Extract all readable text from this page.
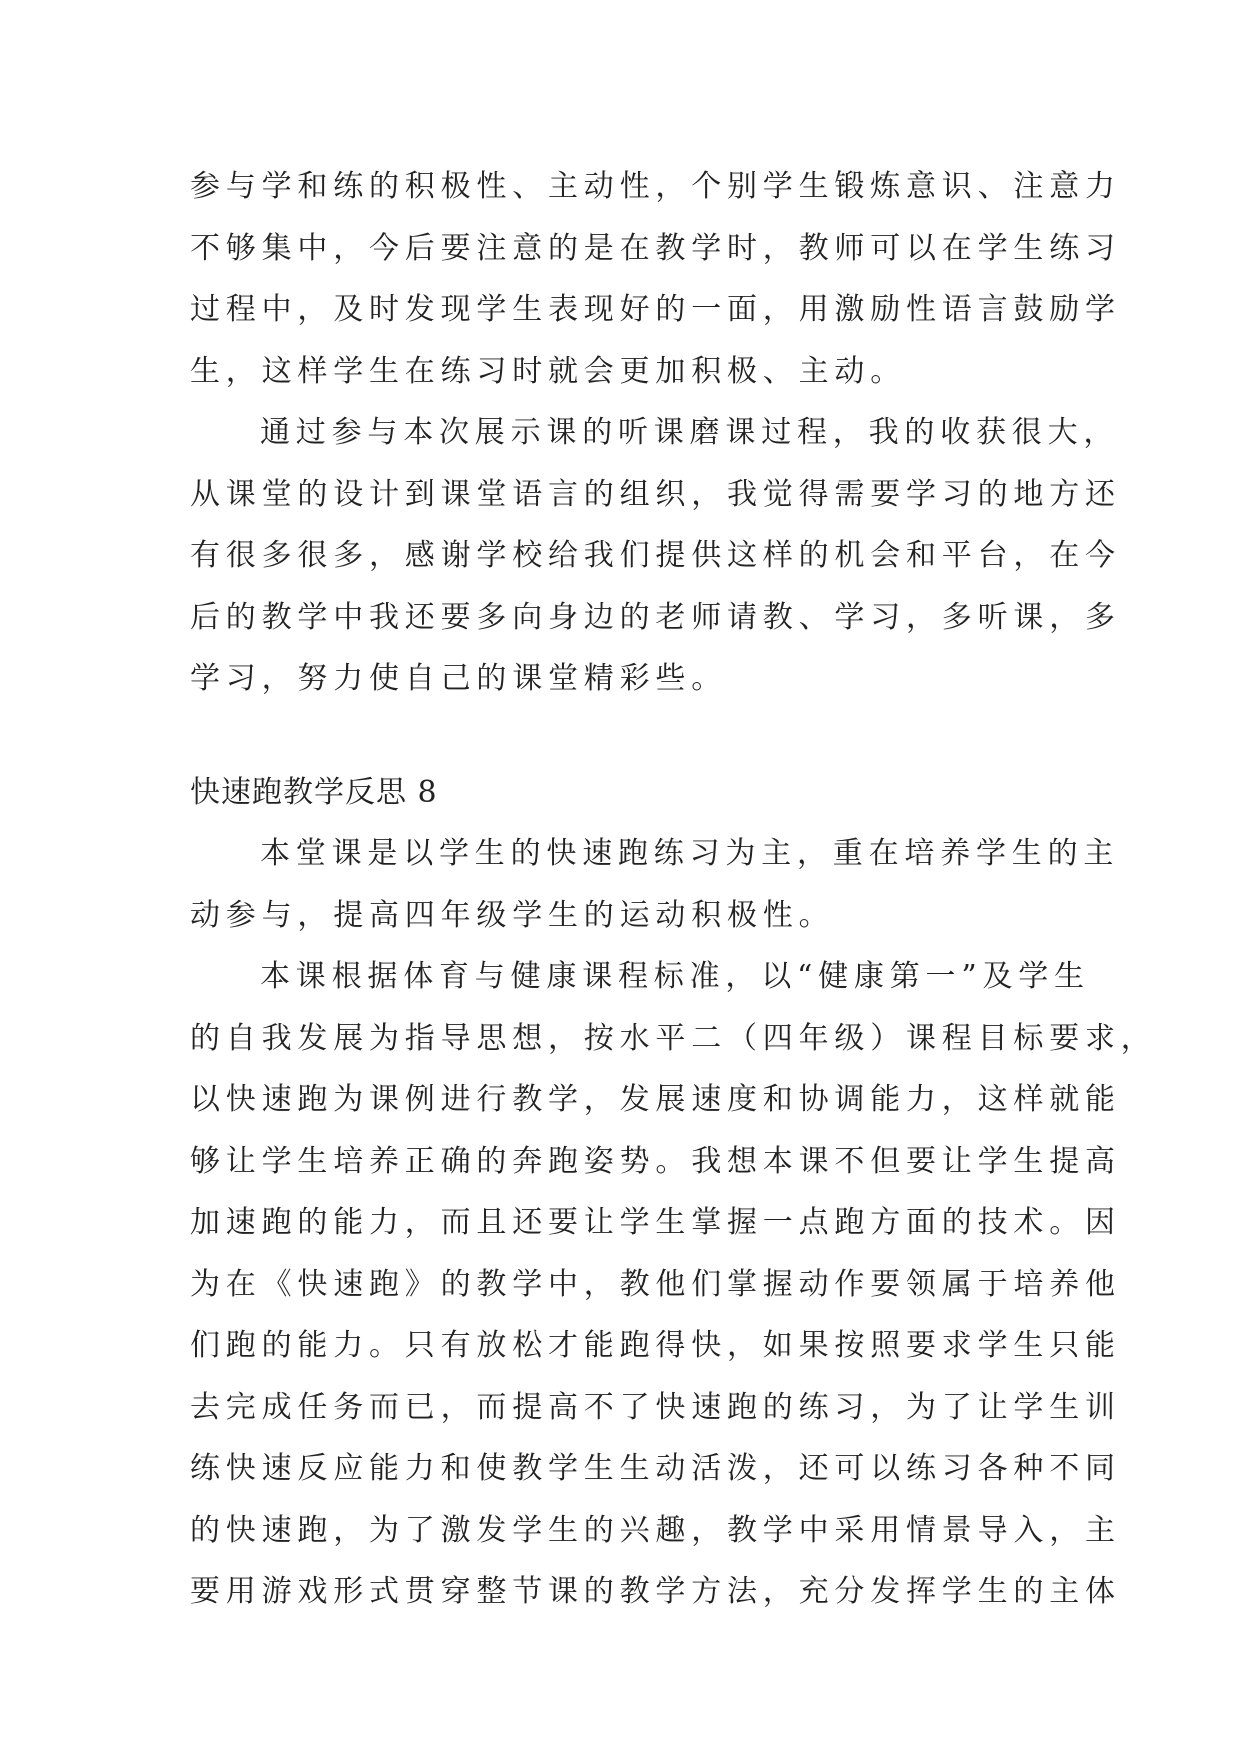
参与学和练的积极性、主动性，个别学生锻炼意识、注意力
不够集中，今后要注意的是在教学时，教师可以在学生练习
过程中，及时发现学生表现好的一面，用激励性语言鼓励学
生，这样学生在练习时就会更加积极、主动。
通过参与本次展示课的听课磨课过程，我的收获很大，
从课堂的设计到课堂语言的组织，我觉得需要学习的地方还
有很多很多，感谢学校给我们提供这样的机会和平台，在今
后的教学中我还要多向身边的老师请教、学习，多听课，多
学习，努力使自己的课堂精彩些。
快速跑教学反思 8
本堂课是以学生的快速跑练习为主，重在培养学生的主
动参与，提高四年级学生的运动积极性。
本课根据体育与健康课程标准，以“健康第一”及学生
的自我发展为指导思想，按水平二（四年级）课程目标要求，
以快速跑为课例进行教学，发展速度和协调能力，这样就能
够让学生培养正确的奔跑姿势。我想本课不但要让学生提高
加速跑的能力，而且还要让学生掌握一点跑方面的技术。因
为在《快速跑》的教学中，教他们掌握动作要领属于培养他
们跑的能力。只有放松才能跑得快，如果按照要求学生只能
去完成任务而已，而提高不了快速跑的练习，为了让学生训
练快速反应能力和使教学生生动活泼，还可以练习各种不同
的快速跑，为了激发学生的兴趣，教学中采用情景导入，主
要用游戏形式贯穿整节课的教学方法，充分发挥学生的主体
